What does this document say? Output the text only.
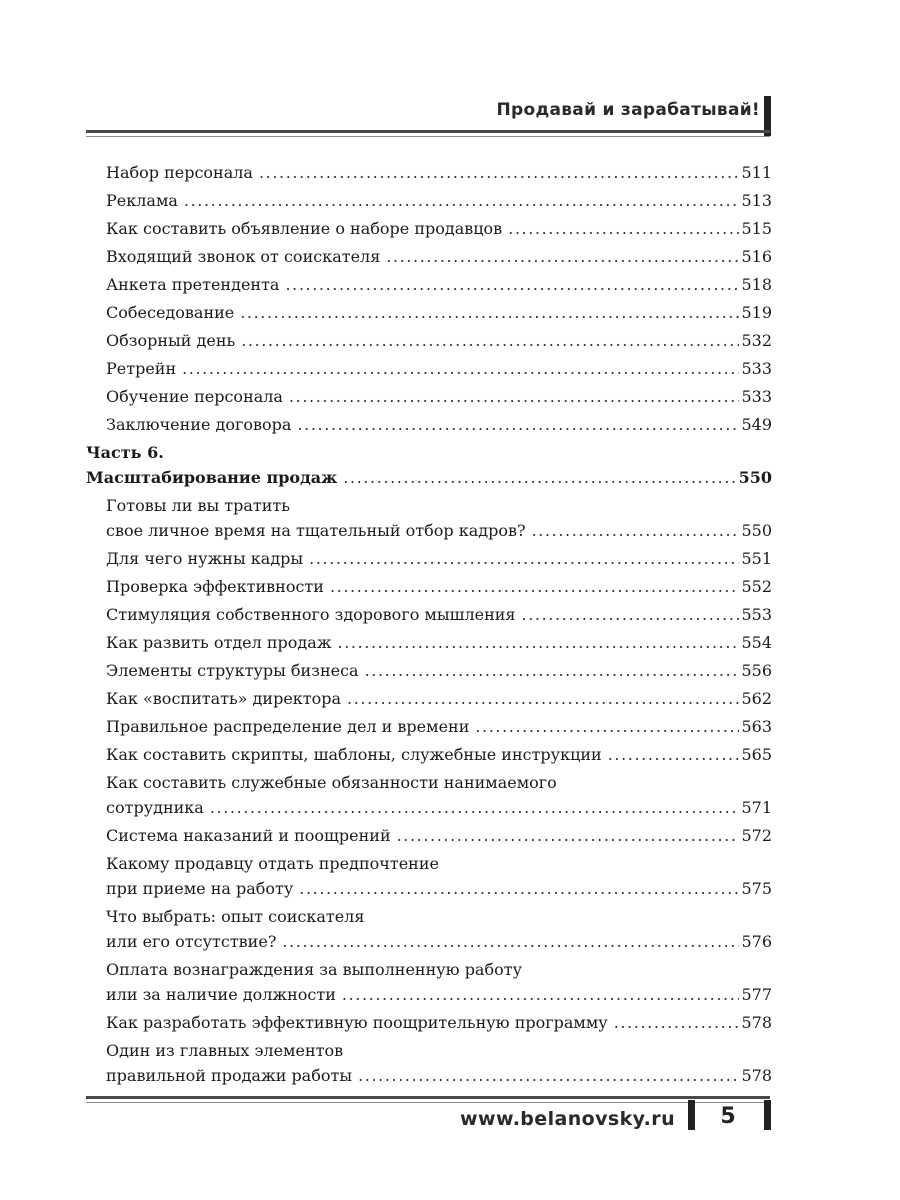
Продавай и зарабатывай!
Набор персонала .....	511
Реклама .....	513
Как составить объявление о наборе продавцов .....	515
Входящий звонок от соискателя .....	516
Анкета претендента .....	518
Собеседование .....	519
Обзорный день .....	532
Ретрейн .....	533
Обучение персонала .....	533
Заключение договора .....	549
Часть 6.
Масштабирование продаж .....	550
Готовы ли вы тратить
свое личное время на тщательный отбор кадров? .....	550
Для чего нужны кадры .....	551
Проверка эффективности .....	552
Стимуляция собственного здорового мышления .....	553
Как развить отдел продаж .....	554
Элементы структуры бизнеса .....	556
Как «воспитать» директора .....	562
Правильное распределение дел и времени .....	563
Как составить скрипты, шаблоны, служебные инструкции .....	565
Как составить служебные обязанности нанимаемого
сотрудника .....	571
Система наказаний и поощрений .....	572
Какому продавцу отдать предпочтение
при приеме на работу .....	575
Что выбрать: опыт соискателя
или его отсутствие? .....	576
Оплата вознаграждения за выполненную работу
или за наличие должности .....	577
Как разработать эффективную поощрительную программу .....	578
Один из главных элементов
правильной продажи работы .....	578
www.belanovsky.ru	5
